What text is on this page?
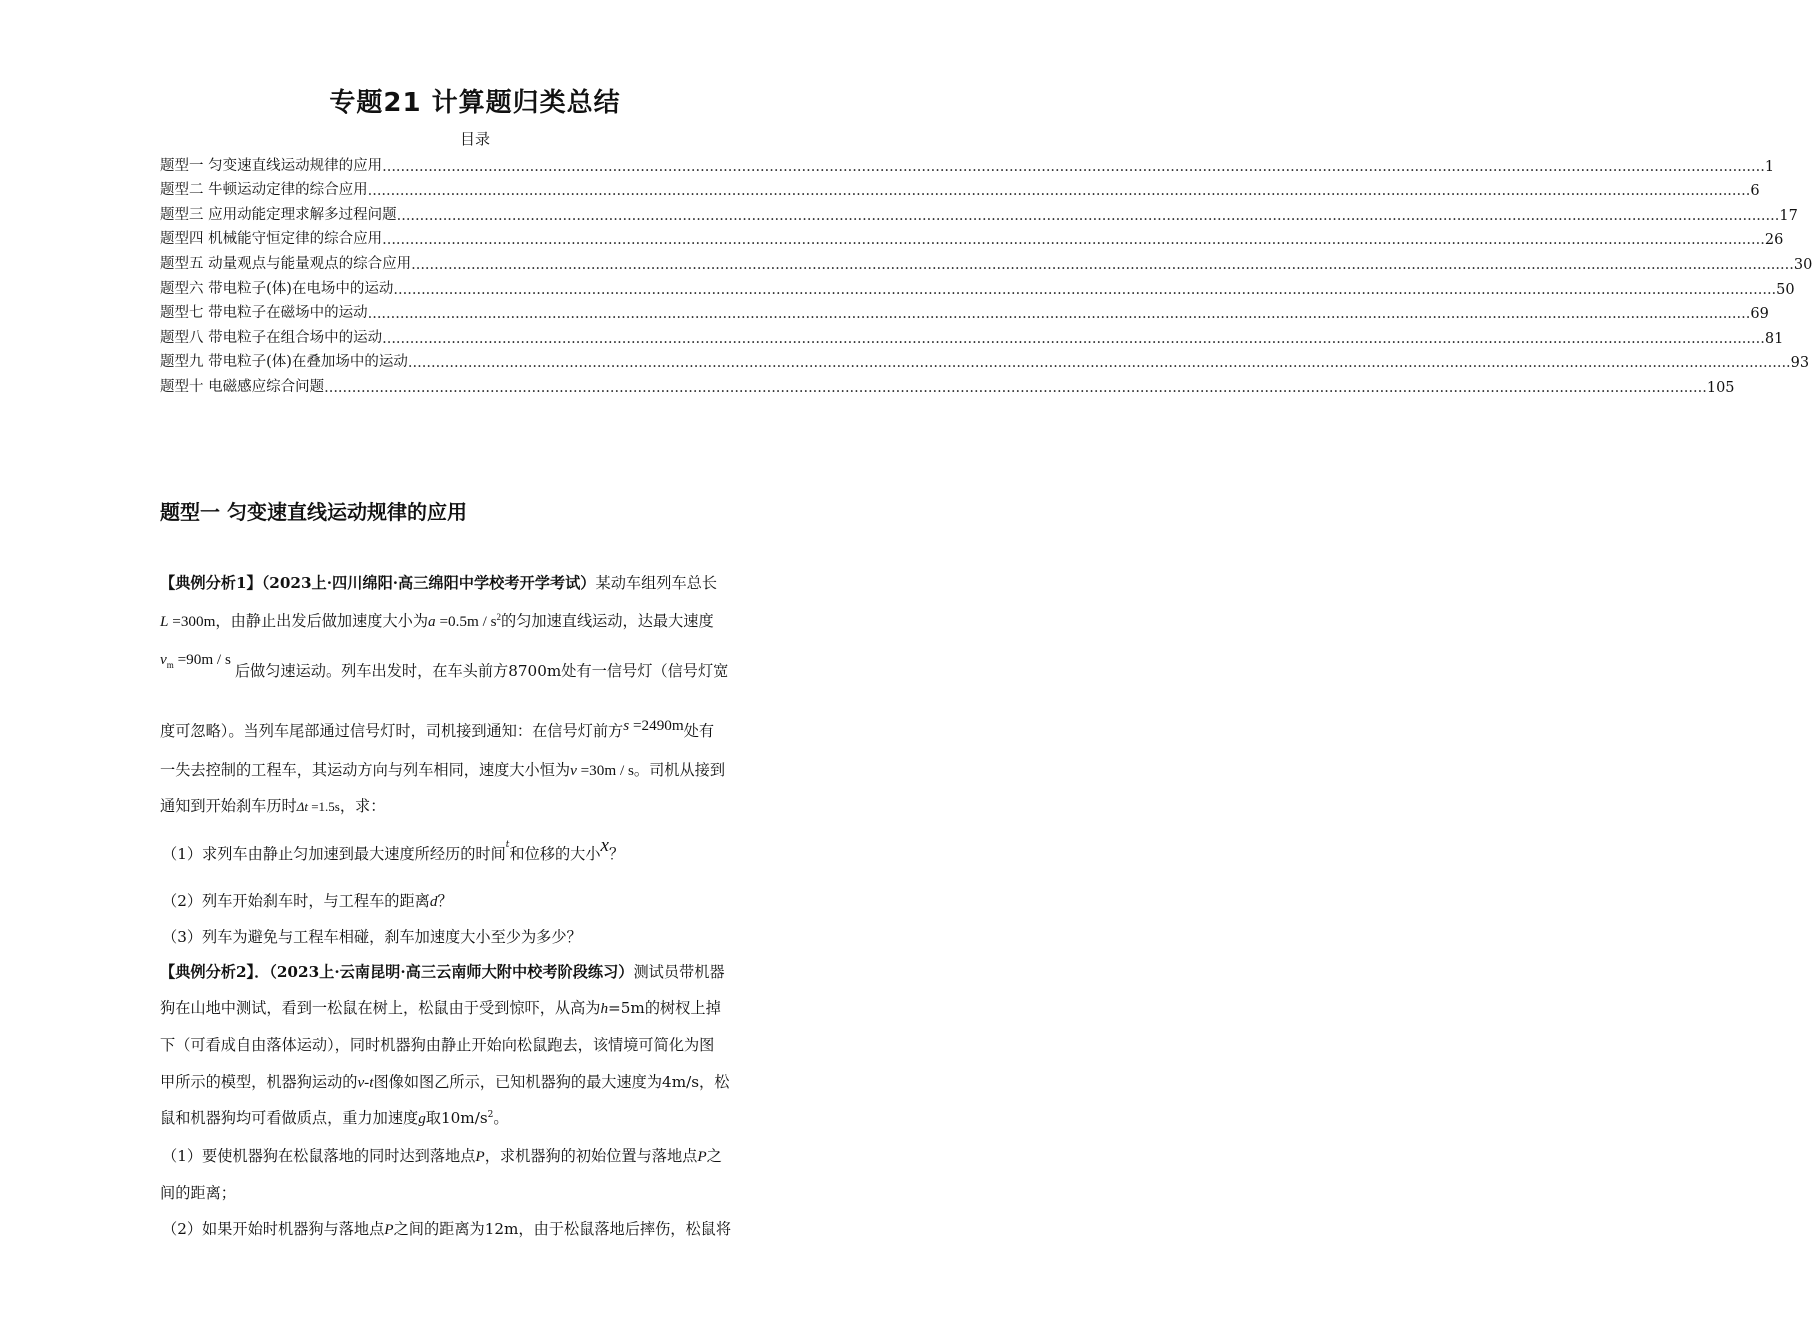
专题21 计算题归类总结
目录
题型一 匀变速直线运动规律的应用 ............................................................................................................................................................................................................................................................................................................ 1
题型二 牛顿运动定律的综合应用 ............................................................................................................................................................................................................................................................................................................ 6
题型三 应用动能定理求解多过程问题 ............................................................................................................................................................................................................................................................................................................ 17
题型四 机械能守恒定律的综合应用 ............................................................................................................................................................................................................................................................................................................ 26
题型五 动量观点与能量观点的综合应用 ............................................................................................................................................................................................................................................................................................................ 30
题型六 带电粒子(体)在电场中的运动 ............................................................................................................................................................................................................................................................................................................ 50
题型七 带电粒子在磁场中的运动 ............................................................................................................................................................................................................................................................................................................ 69
题型八 带电粒子在组合场中的运动 ............................................................................................................................................................................................................................................................................................................ 81
题型九 带电粒子(体)在叠加场中的运动 ............................................................................................................................................................................................................................................................................................................ 93
题型十 电磁感应综合问题 ............................................................................................................................................................................................................................................................................................................ 105
题型一 匀变速直线运动规律的应用
【典例分析1】（2023上·四川绵阳·高三绵阳中学校考开学考试）某动车组列车总长
L =300m，由静止出发后做加速度大小为$a =0.5m / s^2$的匀加速直线运动，达最大速度
$v_m =90m / s$后做匀速运动。列车出发时，在车头前方8700m处有一信号灯（信号灯宽
度可忽略）。当列车尾部通过信号灯时，司机接到通知：在信号灯前方s =2490m处有
一失去控制的工程车，其运动方向与列车相同，速度大小恒为v =30m / s。司机从接到
通知到开始刹车历时Δt =1.5s，求：
（1）求列车由静止匀加速到最大速度所经历的时间$^t$和位移的大小x？
（2）列车开始刹车时，与工程车的距离d？
（3）列车为避免与工程车相碰，刹车加速度大小至少为多少？
【典例分析2】．（2023上·云南昆明·高三云南师大附中校考阶段练习）测试员带机器
狗在山地中测试，看到一松鼠在树上，松鼠由于受到惊吓，从高为h=5m的树杈上掉
下（可看成自由落体运动），同时机器狗由静止开始向松鼠跑去，该情境可简化为图
甲所示的模型，机器狗运动的v-t图像如图乙所示，已知机器狗的最大速度为4m/s，松
鼠和机器狗均可看做质点，重力加速度g取$10m/s^2$。
（1）要使机器狗在松鼠落地的同时达到落地点P，求机器狗的初始位置与落地点P之
间的距离；
（2）如果开始时机器狗与落地点P之间的距离为12m，由于松鼠落地后摔伤，松鼠将
